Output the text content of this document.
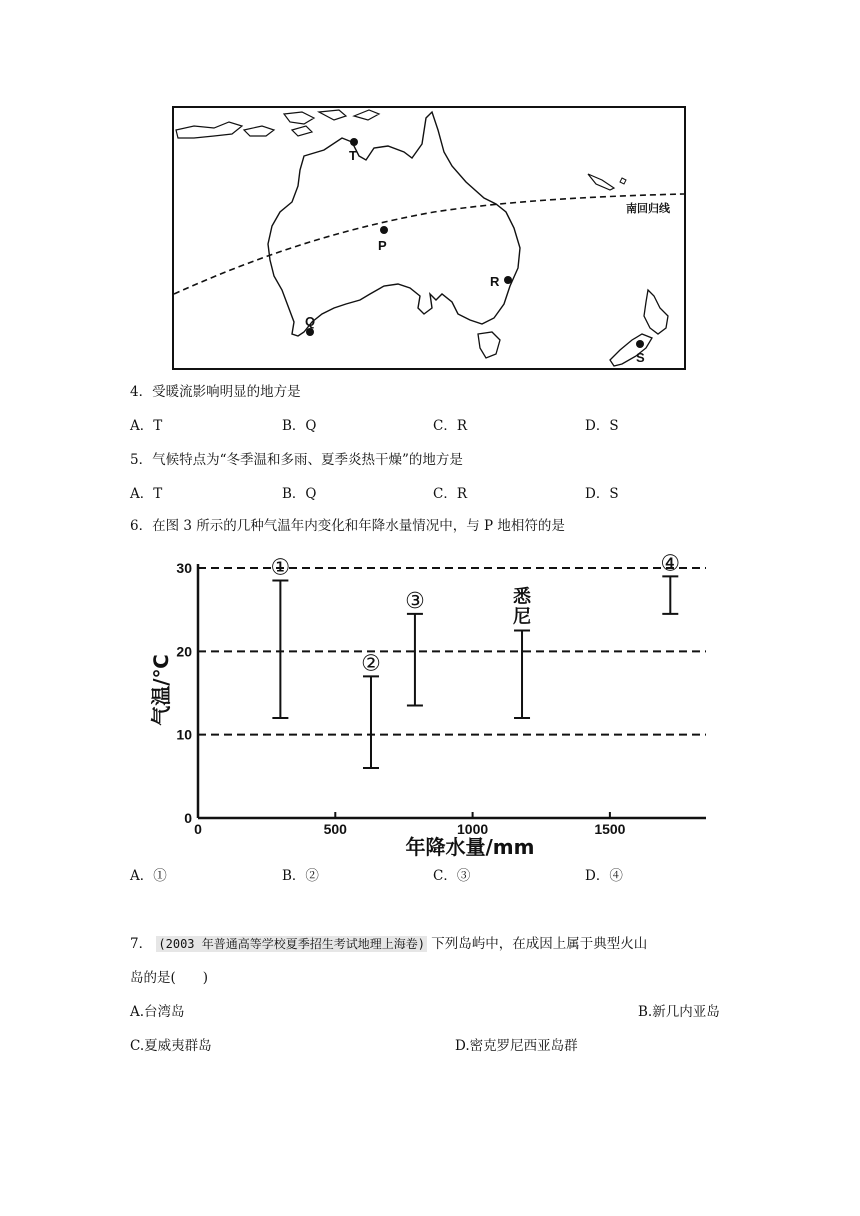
T
P
Q
R
S
南回归线
4．受暖流影响明显的地方是
A．T	B．Q	C．R	D．S
5．气候特点为“冬季温和多雨、夏季炎热干燥”的地方是
A．T	B．Q	C．R	D．S
6．在图 3 所示的几种气温年内变化和年降水量情况中，与 P 地相符的是
0	500	1000	1500
0
10
20
30
年降水量/mm
气温/℃
①
②
③	悉
尼
④
A．①	B．②	C．③	D．④
7． (2003 年普通高等学校夏季招生考试地理上海卷) 下列岛屿中，在成因上属于典型火山
岛的是(　　)
A.台湾岛	B.新几内亚岛
C.夏威夷群岛	D.密克罗尼西亚岛群
